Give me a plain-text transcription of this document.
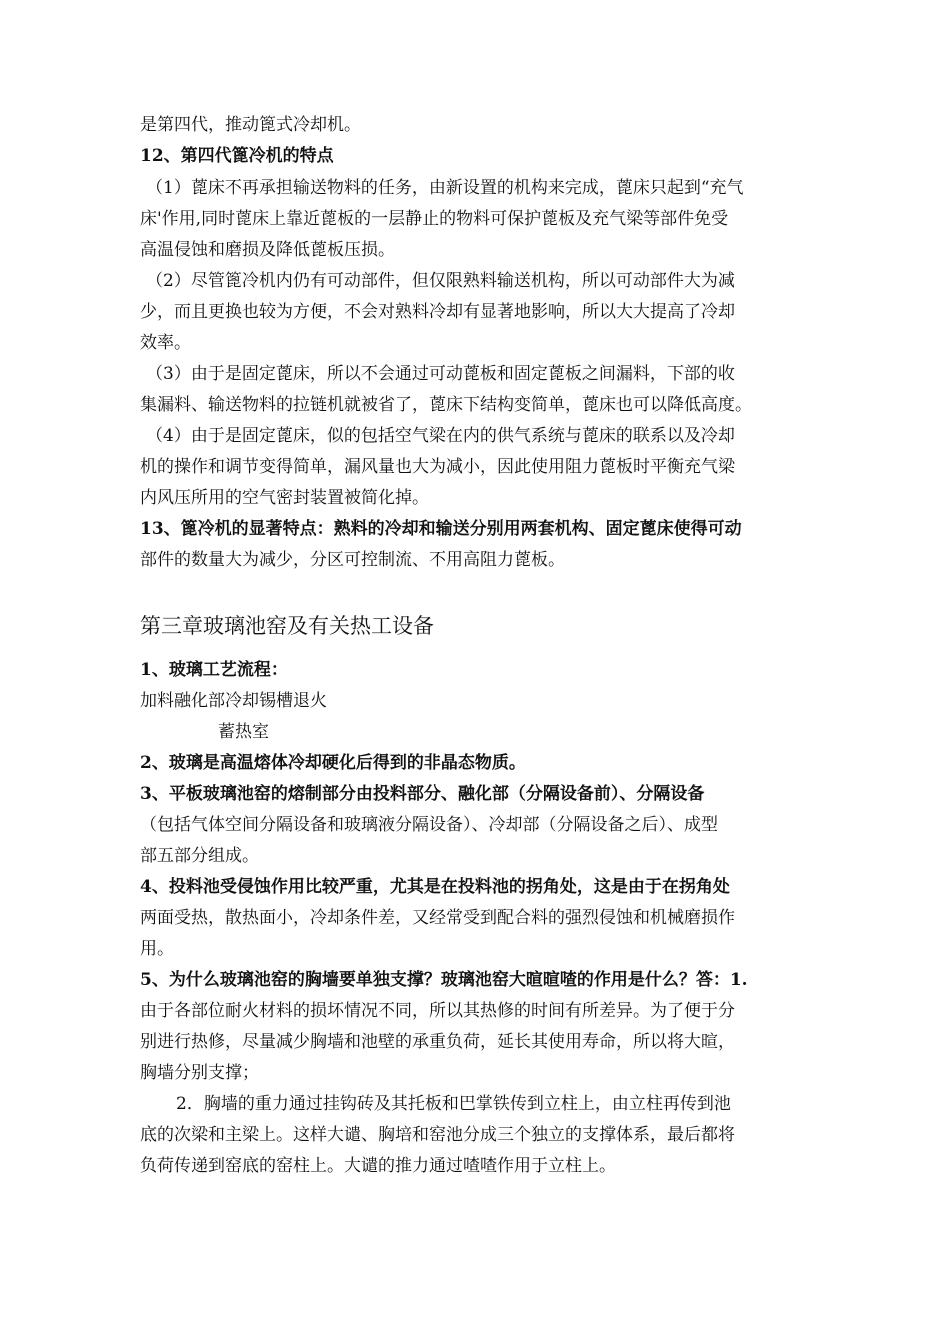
是第四代，推动篦式冷却机。
12、第四代篦冷机的特点
（1）蓖床不再承担输送物料的任务，由新设置的机构来完成，蓖床只起到“充气
床'作用,同时蓖床上靠近蓖板的一层静止的物料可保护蓖板及充气梁等部件免受
高温侵蚀和磨损及降低蓖板压损。
（2）尽管篦冷机内仍有可动部件，但仅限熟料输送机构，所以可动部件大为减
少，而且更换也较为方便，不会对熟料冷却有显著地影响，所以大大提高了冷却
效率。
（3）由于是固定蓖床，所以不会通过可动蓖板和固定蓖板之间漏料，下部的收
集漏料、输送物料的拉链机就被省了，蓖床下结构变简单，蓖床也可以降低高度。
（4）由于是固定蓖床，似的包括空气梁在内的供气系统与蓖床的联系以及冷却
机的操作和调节变得简单，漏风量也大为减小，因此使用阻力蓖板时平衡充气梁
内风压所用的空气密封装置被简化掉。
13、篦冷机的显著特点：熟料的冷却和输送分别用两套机构、固定蓖床使得可动
部件的数量大为减少，分区可控制流、不用高阻力蓖板。
第三章玻璃池窑及有关热工设备
1、玻璃工艺流程：
加料融化部冷却锡槽退火
蓄热室
2、玻璃是高温熔体冷却硬化后得到的非晶态物质。
3、平板玻璃池窑的熔制部分由投料部分、融化部（分隔设备前）、分隔设备
（包括气体空间分隔设备和玻璃液分隔设备）、冷却部（分隔设备之后）、成型
部五部分组成。
4、投料池受侵蚀作用比较严重，尤其是在投料池的拐角处，这是由于在拐角处
两面受热，散热面小，冷却条件差，又经常受到配合料的强烈侵蚀和机械磨损作
用。
5、为什么玻璃池窑的胸墙要单独支撑？玻璃池窑大暄暄喳的作用是什么？答：1.
由于各部位耐火材料的损坏情况不同，所以其热修的时间有所差异。为了便于分
别进行热修，尽量减少胸墙和池壁的承重负荷，延长其使用寿命，所以将大暄，
胸墙分别支撑；
2．胸墙的重力通过挂钩砖及其托板和巴掌铁传到立柱上，由立柱再传到池
底的次梁和主梁上。这样大谴、胸培和窑池分成三个独立的支撑体系，最后都将
负荷传递到窑底的窑柱上。大谴的推力通过喳喳作用于立柱上。
